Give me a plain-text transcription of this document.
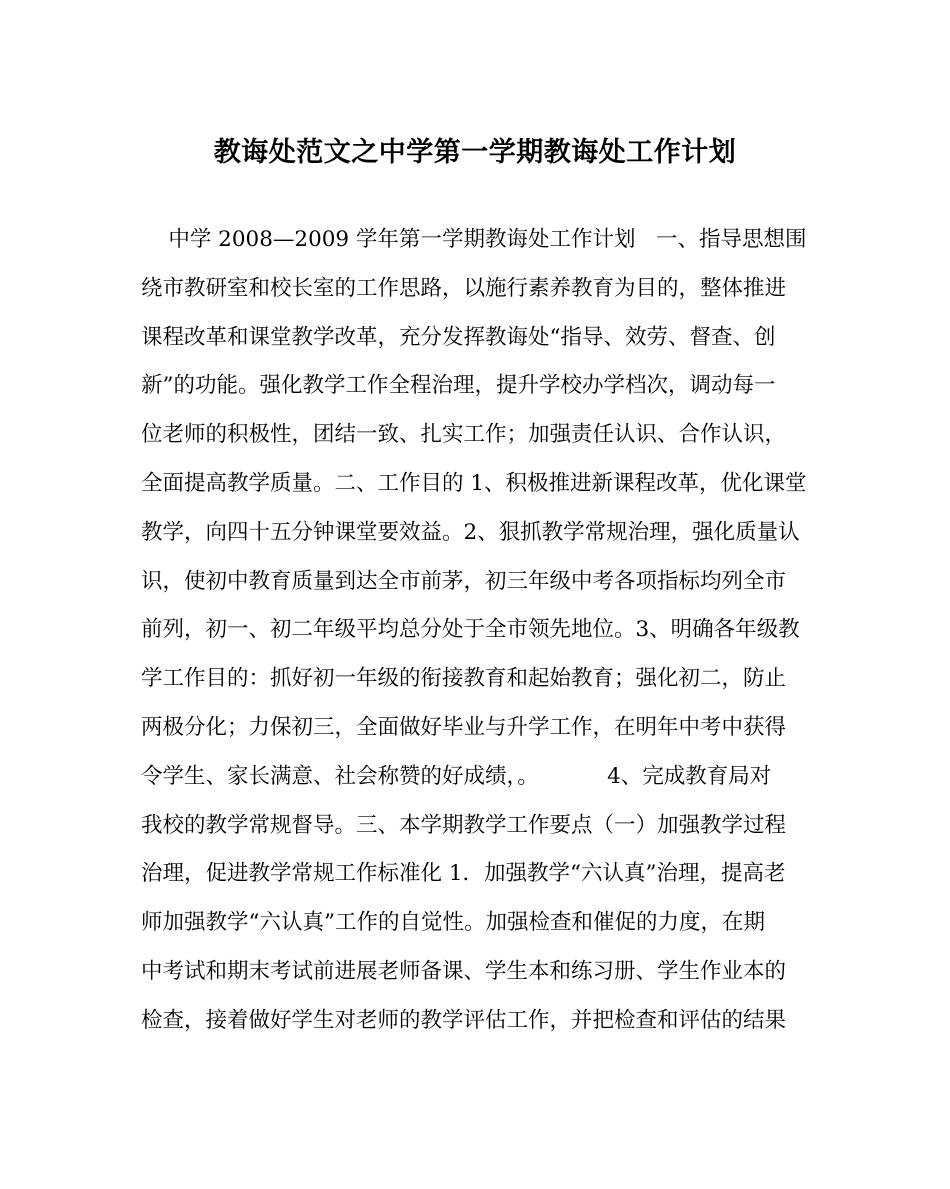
教诲处范文之中学第一学期教诲处工作计划
中学 2008—2009 学年第一学期教诲处工作计划   一、指导思想围
绕市教研室和校长室的工作思路，以施行素养教育为目的，整体推进
课程改革和课堂教学改革，充分发挥教诲处“指导、效劳、督查、创
新”的功能。强化教学工作全程治理，提升学校办学档次，调动每一
位老师的积极性，团结一致、扎实工作；加强责任认识、合作认识，
全面提高教学质量。二、工作目的 1、积极推进新课程改革，优化课堂
教学，向四十五分钟课堂要效益。2、狠抓教学常规治理，强化质量认
识，使初中教育质量到达全市前茅，初三年级中考各项指标均列全市
前列，初一、初二年级平均总分处于全市领先地位。3、明确各年级教
学工作目的：抓好初一年级的衔接教育和起始教育；强化初二，防止
两极分化；力保初三，全面做好毕业与升学工作，在明年中考中获得
令学生、家长满意、社会称赞的好成绩，。          4、完成教育局对
我校的教学常规督导。三、本学期教学工作要点（一）加强教学过程
治理，促进教学常规工作标准化 1．加强教学“六认真”治理，提高老
师加强教学“六认真”工作的自觉性。加强检查和催促的力度，在期
中考试和期末考试前进展老师备课、学生本和练习册、学生作业本的
检查，接着做好学生对老师的教学评估工作，并把检查和评估的结果
